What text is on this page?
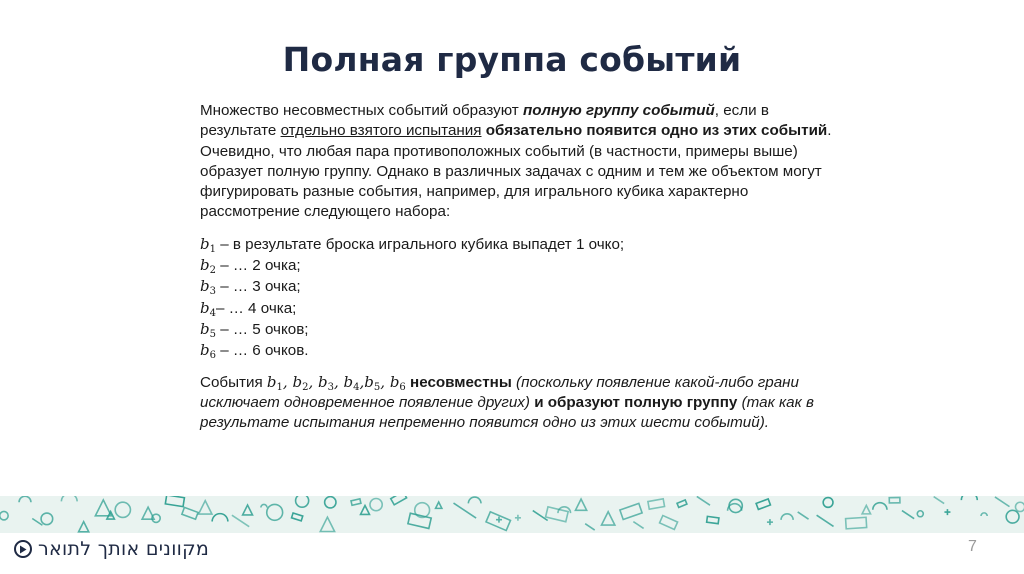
Полная группа событий

Множество несовместных событий образуют полную группу событий, если в результате отдельно взятого испытания обязательно появится одно из этих событий. Очевидно, что любая пара противоположных событий (в частности, примеры выше) образует полную группу. Однако в различных задачах с одним и тем же объектом могут фигурировать разные события, например, для игрального кубика характерно рассмотрение следующего набора:

$b_1$ – в результате броска игрального кубика выпадет 1 очко;
$b_2$ – … 2 очка;
$b_3$ – … 3 очка;
$b_4-$ … 4 очка;
$b_5$ – … 5 очков;
$b_6$ – … 6 очков.

События $b_1$, $b_2$, $b_3$, $b_4,b_5$, $b_6$ несовместны (поскольку появление какой-либо грани исключает одновременное появление других) и образуют полную группу (так как в результате испытания непременно появится одно из этих шести событий).

מקוונים אותך לתואר	7
